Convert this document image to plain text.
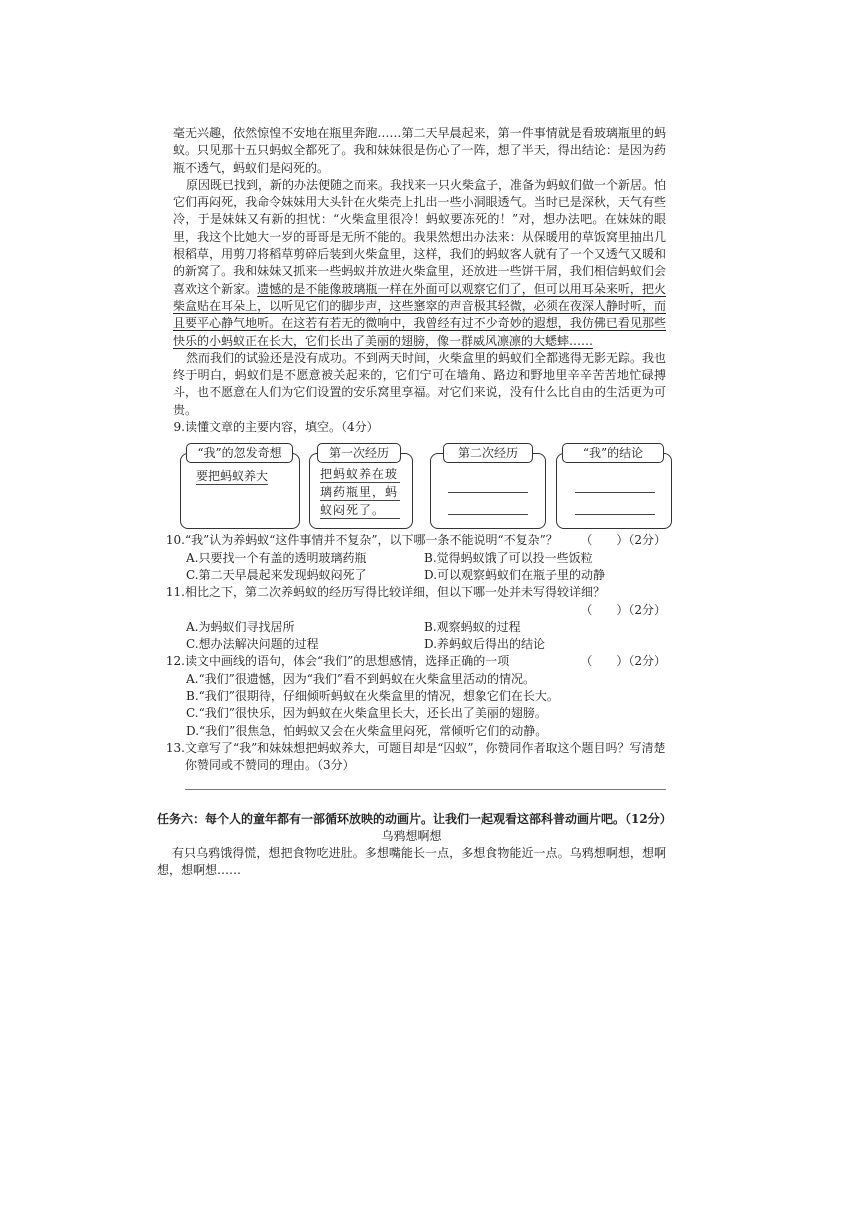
毫无兴趣，依然惊惶不安地在瓶里奔跑……第二天早晨起来，第一件事情就是看玻璃瓶里的蚂蚁。只见那十五只蚂蚁全都死了。我和妹妹很是伤心了一阵，想了半天，得出结论：是因为药瓶不透气，蚂蚁们是闷死的。

原因既已找到，新的办法便随之而来。我找来一只火柴盒子，准备为蚂蚁们做一个新居。怕它们再闷死，我命令妹妹用大头针在火柴壳上扎出一些小洞眼透气。当时已是深秋，天气有些冷，于是妹妹又有新的担忧：“火柴盒里很冷！蚂蚁要冻死的！”对，想办法吧。在妹妹的眼里，我这个比她大一岁的哥哥是无所不能的。我果然想出办法来：从保暖用的草饭窝里抽出几根稻草，用剪刀将稻草剪碎后装到火柴盒里，这样，我们的蚂蚁客人就有了一个又透气又暖和的新窝了。我和妹妹又抓来一些蚂蚁并放进火柴盒里，还放进一些饼干屑，我们相信蚂蚁们会喜欢这个新家。遗憾的是不能像玻璃瓶一样在外面可以观察它们了，但可以用耳朵来听，把火柴盒贴在耳朵上，以听见它们的脚步声，这些窸窣的声音极其轻微，必须在夜深人静时听，而且要平心静气地听。在这若有若无的微响中，我曾经有过不少奇妙的遐想，我仿佛已看见那些快乐的小蚂蚁正在长大，它们长出了美丽的翅膀，像一群威风凛凛的大蟋蟀……

然而我们的试验还是没有成功。不到两天时间，火柴盒里的蚂蚁们全都逃得无影无踪。我也终于明白，蚂蚁们是不愿意被关起来的，它们宁可在墙角、路边和野地里辛辛苦苦地忙碌搏斗，也不愿意在人们为它们设置的安乐窝里享福。对它们来说，没有什么比自由的生活更为可贵。

9. 读懂文章的主要内容，填空。（4分）
“我”的忽发奇想
要把蚂蚁养大
第一次经历
把蚂蚁养在玻璃药瓶里，蚂蚁闷死了。
第二次经历	“我”的结论
10. “我”认为养蚂蚁“这件事情并不复杂”，以下哪一条不能说明“不复杂”？	（　　）（2分）
A.只要找一个有盖的透明玻璃药瓶	B.觉得蚂蚁饿了可以投一些饭粒
C.第二天早晨起来发现蚂蚁闷死了	D.可以观察蚂蚁们在瓶子里的动静
11. 相比之下，第二次养蚂蚁的经历写得比较详细，但以下哪一处并未写得较详细？
（　　）（2分）
A.为蚂蚁们寻找居所	B.观察蚂蚁的过程
C.想办法解决问题的过程	D.养蚂蚁后得出的结论
12. 读文中画线的语句，体会“我们”的思想感情，选择正确的一项	（　　）（2分）
A.“我们”很遗憾，因为“我们”看不到蚂蚁在火柴盒里活动的情况。
B.“我们”很期待，仔细倾听蚂蚁在火柴盒里的情况，想象它们在长大。
C.“我们”很快乐，因为蚂蚁在火柴盒里长大，还长出了美丽的翅膀。
D.“我们”很焦急，怕蚂蚁又会在火柴盒里闷死，常倾听它们的动静。
13. 文章写了“我”和妹妹想把蚂蚁养大，可题目却是“囚蚁”，你赞同作者取这个题目吗？写清楚你赞同或不赞同的理由。（3分）
任务六：每个人的童年都有一部循环放映的动画片。让我们一起观看这部科普动画片吧。（12分）
乌鸦想啊想

有只乌鸦饿得慌，想把食物吃进肚。多想嘴能长一点，多想食物能近一点。乌鸦想啊想，想啊想，想啊想……
